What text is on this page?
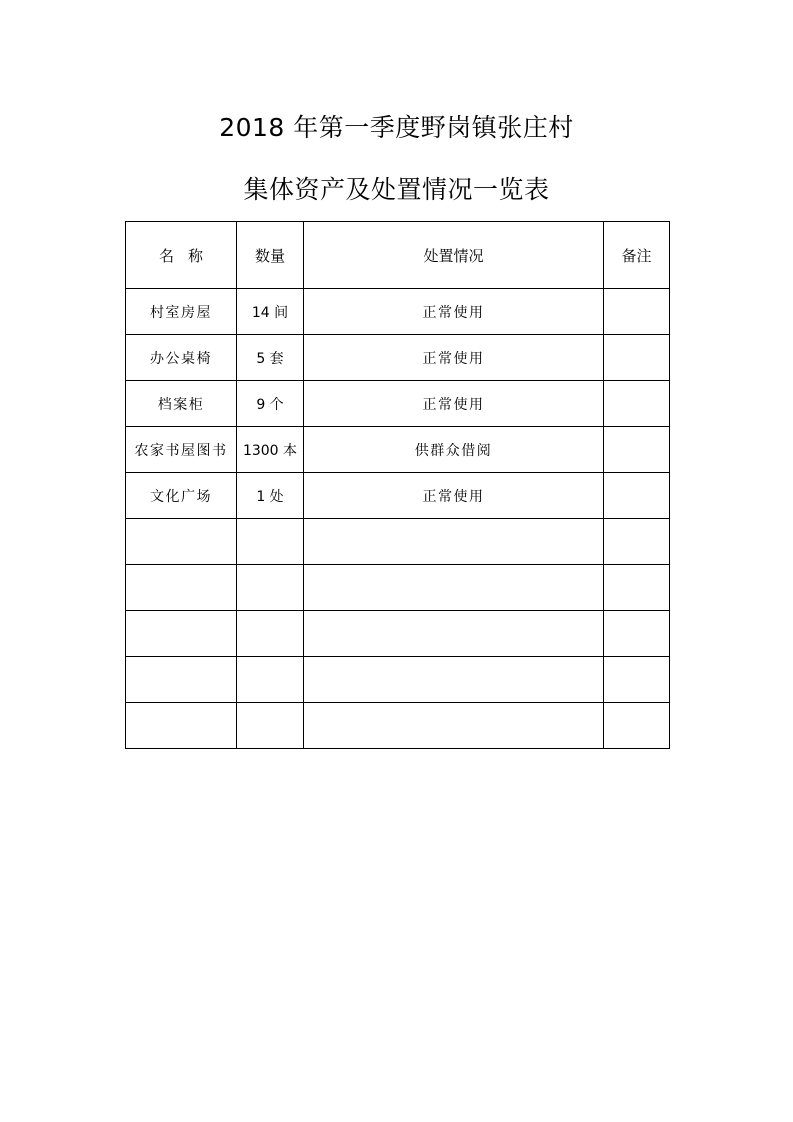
2018 年第一季度野岗镇张庄村
集体资产及处置情况一览表
名称	数量	处置情况	备注
村室房屋	14 间	正常使用	
办公桌椅	5 套	正常使用	
档案柜	9 个	正常使用	
农家书屋图书	1300 本	供群众借阅	
文化广场	1 处	正常使用	
